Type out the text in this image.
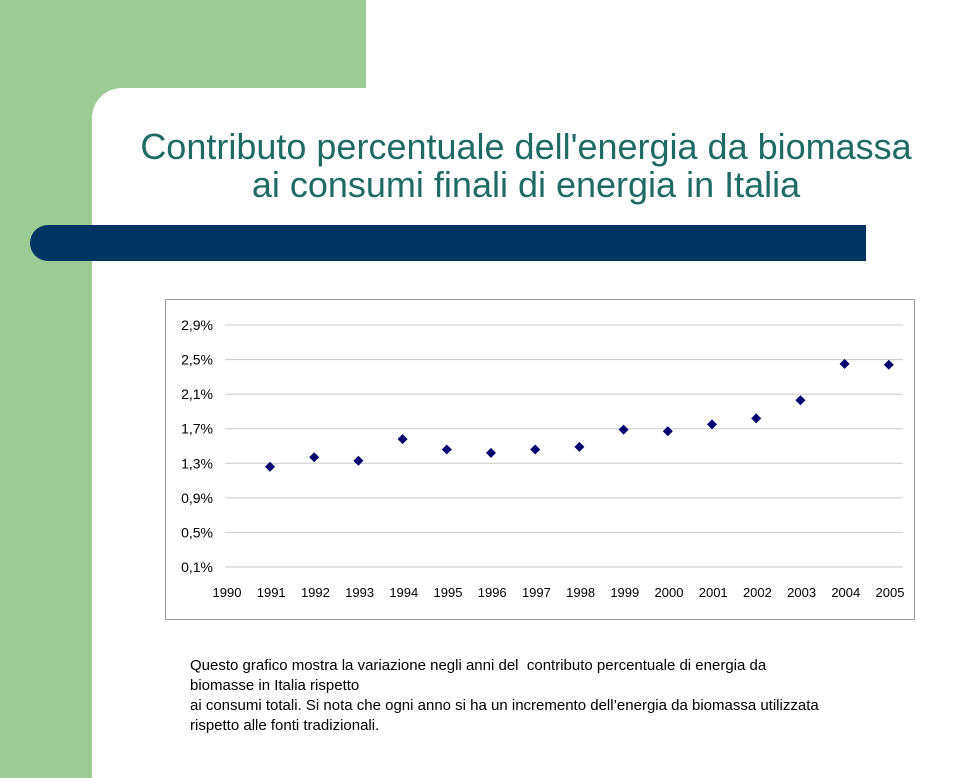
Contributo percentuale dell'energia da biomassa
ai consumi finali di energia in Italia
2,9%
2,5%
2,1%
1,7%
1,3%
0,9%
0,5%
0,1%
1990 1991 1992 1993 1994 1995 1996 1997 1998 1999 2000 2001 2002 2003 2004 2005
Questo grafico mostra la variazione negli anni del  contributo percentuale di energia da
biomasse in Italia rispetto
ai consumi totali. Si nota che ogni anno si ha un incremento dell’energia da biomassa utilizzata
rispetto alle fonti tradizionali.
